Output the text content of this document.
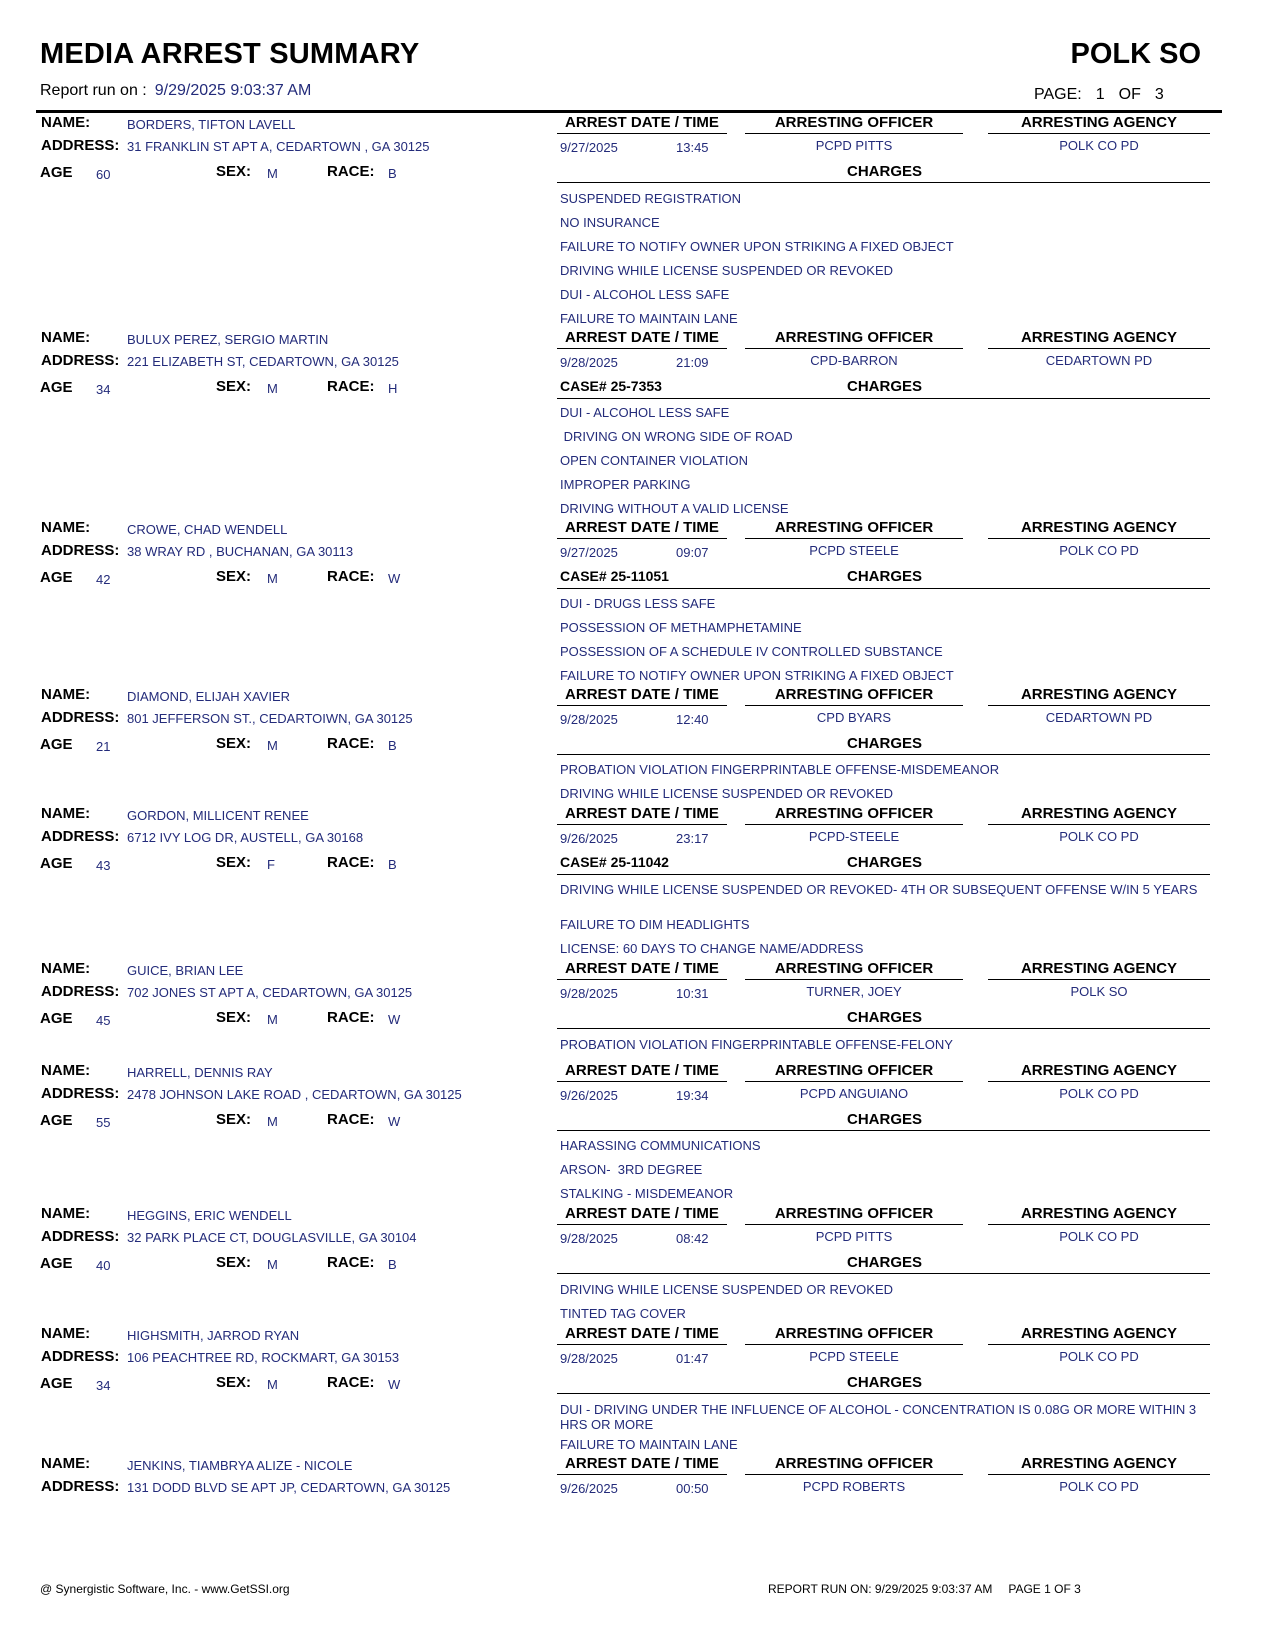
MEDIA ARREST SUMMARY	POLK SO
Report run on : 9/29/2025 9:03:37 AM	PAGE: 1 OF 3
NAME:	BORDERS, TIFTON LAVELL
ADDRESS: 31 FRANKLIN ST APT A, CEDARTOWN , GA 30125
AGE 60	SEX: M	RACE: B
ARREST DATE / TIME	ARRESTING OFFICER	ARRESTING AGENCY
9/27/2025	13:45	PCPD PITTS	POLK CO PD
CHARGES
SUSPENDED REGISTRATION
NO INSURANCE
FAILURE TO NOTIFY OWNER UPON STRIKING A FIXED OBJECT
DRIVING WHILE LICENSE SUSPENDED OR REVOKED
DUI - ALCOHOL LESS SAFE
FAILURE TO MAINTAIN LANE
NAME:	BULUX PEREZ, SERGIO MARTIN
ADDRESS: 221 ELIZABETH ST, CEDARTOWN, GA 30125
AGE 34	SEX: M	RACE: H
ARREST DATE / TIME	ARRESTING OFFICER	ARRESTING AGENCY
9/28/2025	21:09	CPD-BARRON	CEDARTOWN PD
CASE# 25-7353	CHARGES
DUI - ALCOHOL LESS SAFE
DRIVING ON WRONG SIDE OF ROAD
OPEN CONTAINER VIOLATION
IMPROPER PARKING
DRIVING WITHOUT A VALID LICENSE
NAME:	CROWE, CHAD WENDELL
ADDRESS: 38 WRAY RD , BUCHANAN, GA 30113
AGE 42	SEX: M	RACE: W
ARREST DATE / TIME	ARRESTING OFFICER	ARRESTING AGENCY
9/27/2025	09:07	PCPD STEELE	POLK CO PD
CASE# 25-11051	CHARGES
DUI - DRUGS LESS SAFE
POSSESSION OF METHAMPHETAMINE
POSSESSION OF A SCHEDULE IV CONTROLLED SUBSTANCE
FAILURE TO NOTIFY OWNER UPON STRIKING A FIXED OBJECT
NAME:	DIAMOND, ELIJAH XAVIER
ADDRESS: 801 JEFFERSON ST., CEDARTOIWN, GA 30125
AGE 21	SEX: M	RACE: B
ARREST DATE / TIME	ARRESTING OFFICER	ARRESTING AGENCY
9/28/2025	12:40	CPD BYARS	CEDARTOWN PD
CHARGES
PROBATION VIOLATION FINGERPRINTABLE OFFENSE-MISDEMEANOR
DRIVING WHILE LICENSE SUSPENDED OR REVOKED
NAME:	GORDON, MILLICENT RENEE
ADDRESS: 6712 IVY LOG DR, AUSTELL, GA 30168
AGE 43	SEX: F	RACE: B
ARREST DATE / TIME	ARRESTING OFFICER	ARRESTING AGENCY
9/26/2025	23:17	PCPD-STEELE	POLK CO PD
CASE# 25-11042	CHARGES
DRIVING WHILE LICENSE SUSPENDED OR REVOKED- 4TH OR SUBSEQUENT OFFENSE W/IN 5 YEARS
FAILURE TO DIM HEADLIGHTS
LICENSE: 60 DAYS TO CHANGE NAME/ADDRESS
NAME:	GUICE, BRIAN LEE
ADDRESS: 702 JONES ST APT A, CEDARTOWN, GA 30125
AGE 45	SEX: M	RACE: W
ARREST DATE / TIME	ARRESTING OFFICER	ARRESTING AGENCY
9/28/2025	10:31	TURNER, JOEY	POLK SO
CHARGES
PROBATION VIOLATION FINGERPRINTABLE OFFENSE-FELONY
NAME:	HARRELL, DENNIS RAY
ADDRESS: 2478 JOHNSON LAKE ROAD , CEDARTOWN, GA 30125
AGE 55	SEX: M	RACE: W
ARREST DATE / TIME	ARRESTING OFFICER	ARRESTING AGENCY
9/26/2025	19:34	PCPD ANGUIANO	POLK CO PD
CHARGES
HARASSING COMMUNICATIONS
ARSON-  3RD DEGREE
STALKING - MISDEMEANOR
NAME:	HEGGINS, ERIC WENDELL
ADDRESS: 32 PARK PLACE CT, DOUGLASVILLE, GA 30104
AGE 40	SEX: M	RACE: B
ARREST DATE / TIME	ARRESTING OFFICER	ARRESTING AGENCY
9/28/2025	08:42	PCPD PITTS	POLK CO PD
CHARGES
DRIVING WHILE LICENSE SUSPENDED OR REVOKED
TINTED TAG COVER
NAME:	HIGHSMITH, JARROD RYAN
ADDRESS: 106 PEACHTREE RD, ROCKMART, GA 30153
AGE 34	SEX: M	RACE: W
ARREST DATE / TIME	ARRESTING OFFICER	ARRESTING AGENCY
9/28/2025	01:47	PCPD STEELE	POLK CO PD
CHARGES
DUI - DRIVING UNDER THE INFLUENCE OF ALCOHOL - CONCENTRATION IS 0.08G OR MORE WITHIN 3 HRS OR MORE
FAILURE TO MAINTAIN LANE
NAME:	JENKINS, TIAMBRYA ALIZE - NICOLE
ADDRESS: 131 DODD BLVD SE APT JP, CEDARTOWN, GA 30125
ARREST DATE / TIME	ARRESTING OFFICER	ARRESTING AGENCY
9/26/2025	00:50	PCPD ROBERTS	POLK CO PD
@ Synergistic Software, Inc. - www.GetSSI.org	REPORT RUN ON: 9/29/2025 9:03:37 AM PAGE 1 OF 3
